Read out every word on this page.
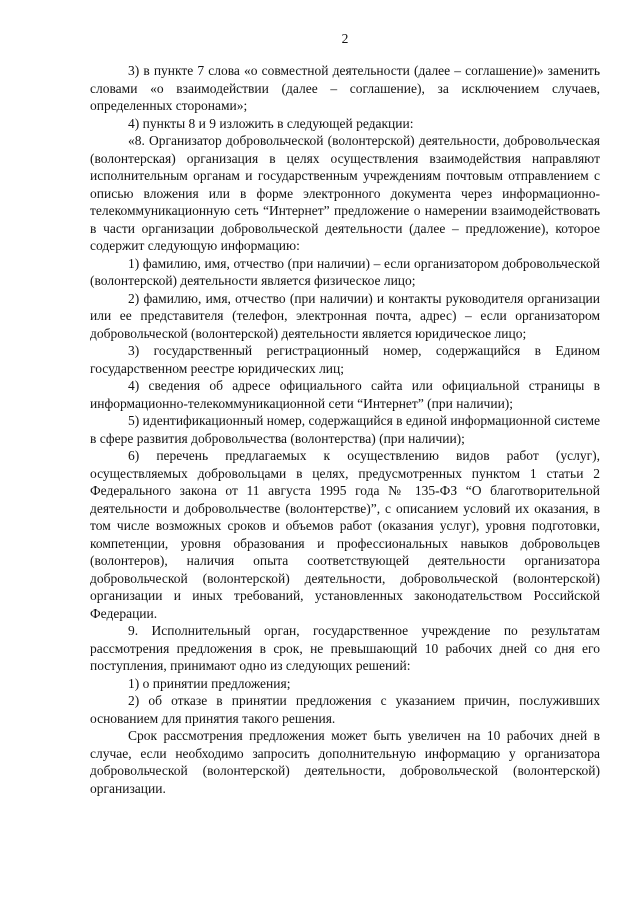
2

3) в пункте 7 слова «о совместной деятельности (далее – соглашение)» заменить словами «о взаимодействии (далее – соглашение), за исключением случаев, определенных сторонами»;

4) пункты 8 и 9 изложить в следующей редакции:

«8. Организатор добровольческой (волонтерской) деятельности, добровольческая (волонтерская) организация в целях осуществления взаимодействия направляют исполнительным органам и государственным учреждениям почтовым отправлением с описью вложения или в форме электронного документа через информационно-телекоммуникационную сеть “Интернет” предложение о намерении взаимодействовать в части организации добровольческой деятельности (далее – предложение), которое содержит следующую информацию:

1) фамилию, имя, отчество (при наличии) – если организатором добровольческой (волонтерской) деятельности является физическое лицо;

2) фамилию, имя, отчество (при наличии) и контакты руководителя организации или ее представителя (телефон, электронная почта, адрес) – если организатором добровольческой (волонтерской) деятельности является юридическое лицо;

3) государственный регистрационный номер, содержащийся в Едином государственном реестре юридических лиц;

4) сведения об адресе официального сайта или официальной страницы в информационно-телекоммуникационной сети “Интернет” (при наличии);

5) идентификационный номер, содержащийся в единой информационной системе в сфере развития добровольчества (волонтерства) (при наличии);

6) перечень предлагаемых к осуществлению видов работ (услуг), осуществляемых добровольцами в целях, предусмотренных пунктом 1 статьи 2 Федерального закона от 11 августа 1995 года № 135-ФЗ “О благотворительной деятельности и добровольчестве (волонтерстве)”, с описанием условий их оказания, в том числе возможных сроков и объемов работ (оказания услуг), уровня подготовки, компетенции, уровня образования и профессиональных навыков добровольцев (волонтеров), наличия опыта соответствующей деятельности организатора добровольческой (волонтерской) деятельности, добровольческой (волонтерской) организации и иных требований, установленных законодательством Российской Федерации.

9. Исполнительный орган, государственное учреждение по результатам рассмотрения предложения в срок, не превышающий 10 рабочих дней со дня его поступления, принимают одно из следующих решений:

1) о принятии предложения;

2) об отказе в принятии предложения с указанием причин, послуживших основанием для принятия такого решения.

Срок рассмотрения предложения может быть увеличен на 10 рабочих дней в случае, если необходимо запросить дополнительную информацию у организатора добровольческой (волонтерской) деятельности, добровольческой (волонтерской) организации.
